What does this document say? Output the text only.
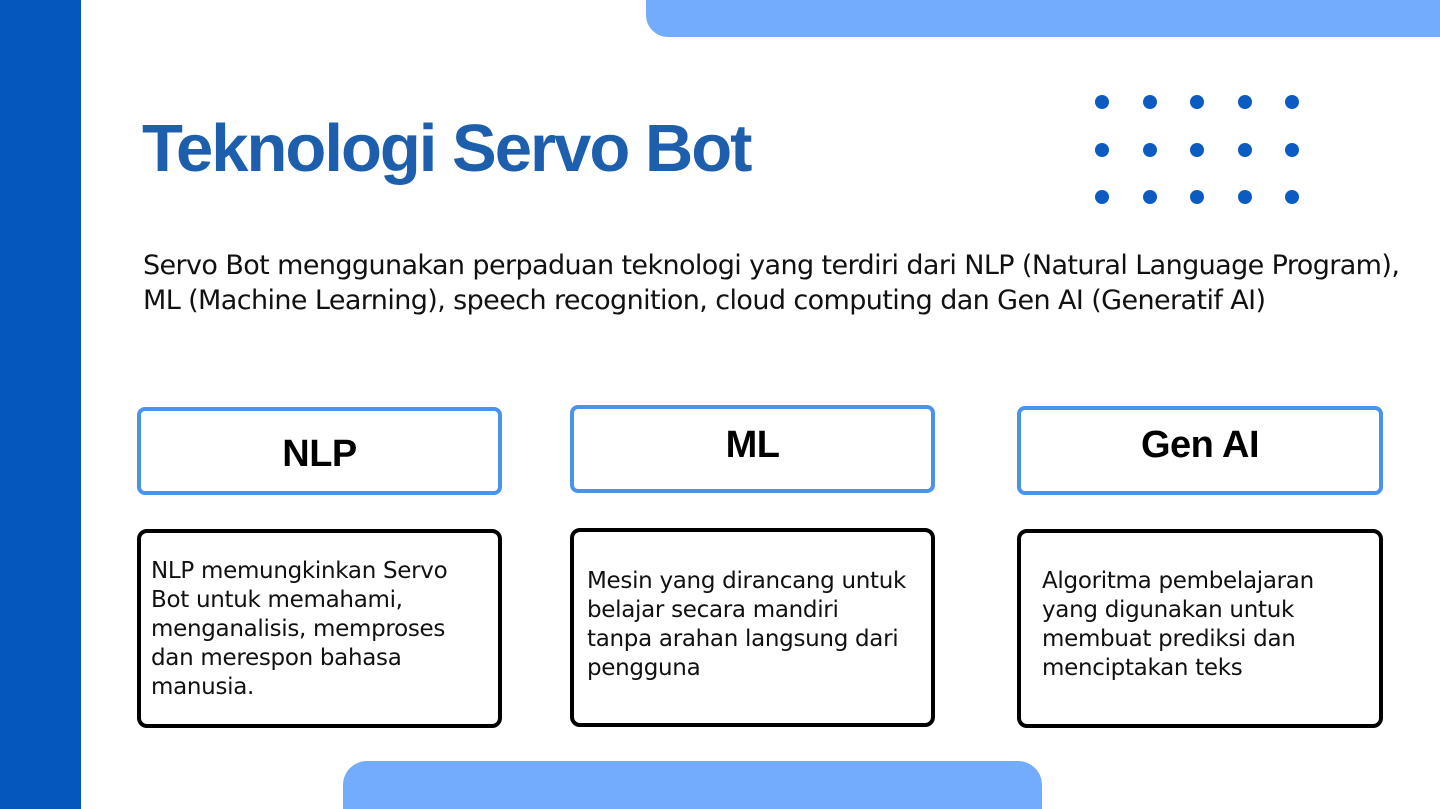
Teknologi Servo Bot

Servo Bot menggunakan perpaduan teknologi yang terdiri dari NLP (Natural Language Program), ML (Machine Learning), speech recognition, cloud computing dan Gen AI (Generatif AI)

NLP

NLP memungkinkan Servo Bot untuk memahami, menganalisis, memproses dan merespon bahasa manusia.

ML

Mesin yang dirancang untuk belajar secara mandiri tanpa arahan langsung dari pengguna

Gen AI

Algoritma pembelajaran yang digunakan untuk membuat prediksi dan menciptakan teks
